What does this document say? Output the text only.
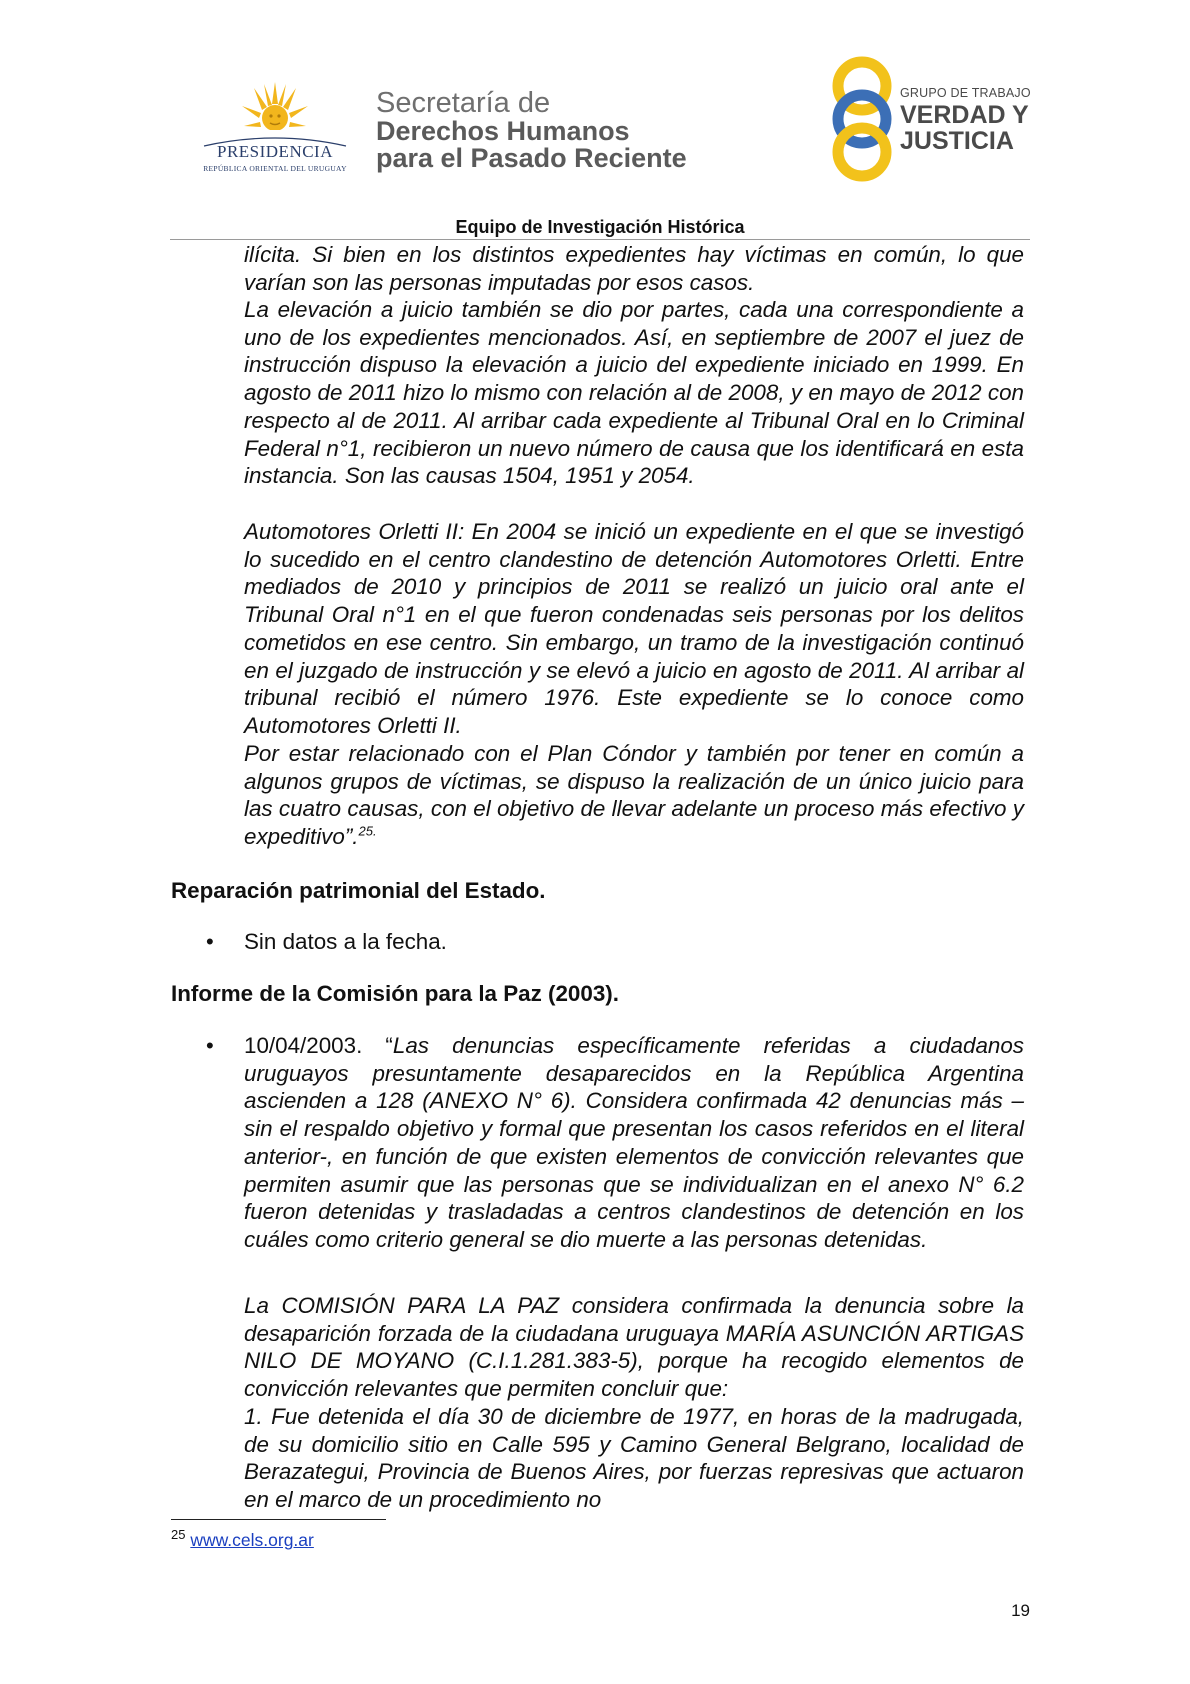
PRESIDENCIA
REPÚBLICA ORIENTAL DEL URUGUAY
Secretaría de
Derechos Humanos
para el Pasado Reciente
GRUPO DE TRABAJO
VERDAD Y
JUSTICIA
Equipo de Investigación Histórica
ilícita. Si bien en los distintos expedientes hay víctimas en común, lo que varían son las personas imputadas por esos casos.
La elevación a juicio también se dio por partes, cada una correspondiente a uno de los expedientes mencionados. Así, en septiembre de 2007 el juez de instrucción dispuso la elevación a juicio del expediente iniciado en 1999. En agosto de 2011 hizo lo mismo con relación al de 2008, y en mayo de 2012 con respecto al de 2011. Al arribar cada expediente al Tribunal Oral en lo Criminal Federal n°1, recibieron un nuevo número de causa que los identificará en esta instancia. Son las causas 1504, 1951 y 2054.
Automotores Orletti II: En 2004 se inició un expediente en el que se investigó lo sucedido en el centro clandestino de detención Automotores Orletti. Entre mediados de 2010 y principios de 2011 se realizó un juicio oral ante el Tribunal Oral n°1 en el que fueron condenadas seis personas por los delitos cometidos en ese centro. Sin embargo, un tramo de la investigación continuó en el juzgado de instrucción y se elevó a juicio en agosto de 2011. Al arribar al tribunal recibió el número 1976. Este expediente se lo conoce como Automotores Orletti II.
Por estar relacionado con el Plan Cóndor y también por tener en común a algunos grupos de víctimas, se dispuso la realización de un único juicio para las cuatro causas, con el objetivo de llevar adelante un proceso más efectivo y expeditivo”.$^{25.}$
Reparación patrimonial del Estado.
• Sin datos a la fecha.
Informe de la Comisión para la Paz (2003).
• 10/04/2003. “Las denuncias específicamente referidas a ciudadanos uruguayos presuntamente desaparecidos en la República Argentina ascienden a 128 (ANEXO N° 6). Considera confirmada 42 denuncias más –sin el respaldo objetivo y formal que presentan los casos referidos en el literal anterior-, en función de que existen elementos de convicción relevantes que permiten asumir que las personas que se individualizan en el anexo N° 6.2 fueron detenidas y trasladadas a centros clandestinos de detención en los cuáles como criterio general se dio muerte a las personas detenidas.
La COMISIÓN PARA LA PAZ considera confirmada la denuncia sobre la desaparición forzada de la ciudadana uruguaya MARÍA ASUNCIÓN ARTIGAS NILO DE MOYANO (C.I.1.281.383-5), porque ha recogido elementos de convicción relevantes que permiten concluir que:
1. Fue detenida el día 30 de diciembre de 1977, en horas de la madrugada, de su domicilio sitio en Calle 595 y Camino General Belgrano, localidad de Berazategui, Provincia de Buenos Aires, por fuerzas represivas que actuaron en el marco de un procedimiento no
$^{25}$ www.cels.org.ar
19
